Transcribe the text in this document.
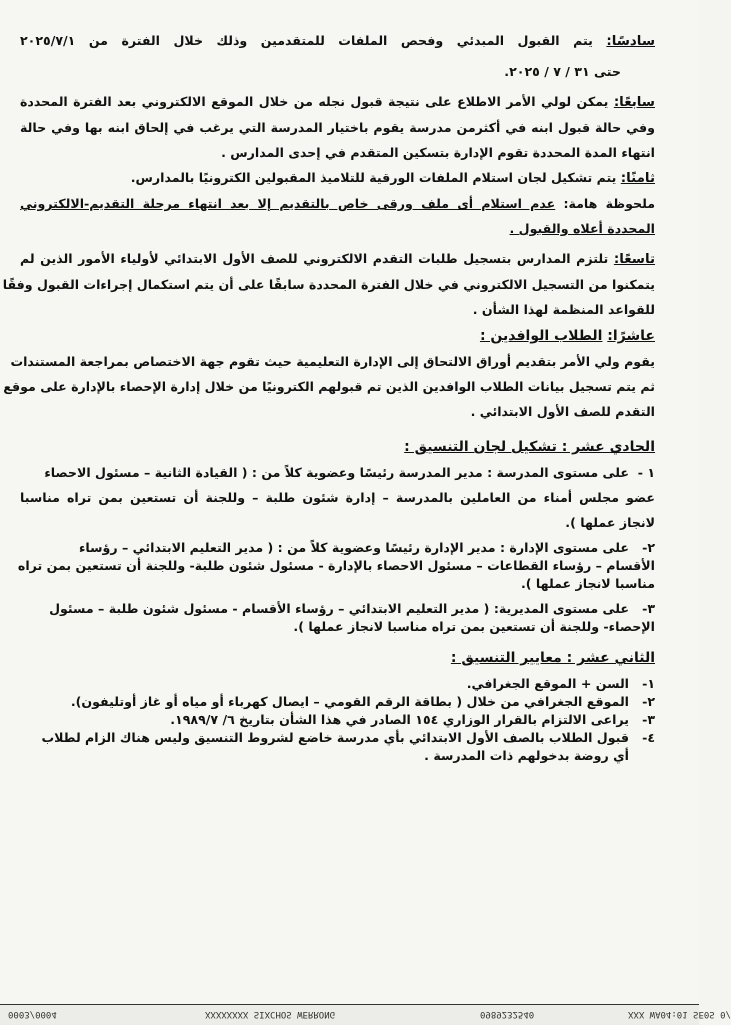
سادسًا: يتم القبول المبدئي وفحص الملفات للمتقدمين وذلك خلال الفترة من ٢٠٢٥/٧/١
حتى ٣١ / ٧ / ٢٠٢٥.
سابعًا: يمكن لولي الأمر الاطلاع على نتيجة قبول نجله من خلال الموقع الالكتروني بعد الفترة المحددة
وفي حالة قبول ابنه في أكثرمن مدرسة يقوم باختيار المدرسة التي يرغب في إلحاق ابنه بها وفي حالة
انتهاء المدة المحددة تقوم الإدارة بتسكين المتقدم في إحدى المدارس .
ثامنًا: يتم تشكيل لجان استلام الملفات الورقية للتلاميذ المقبولين الكترونيًا بالمدارس.
ملحوظة هامة: عدم استلام أى ملف ورقى خاص بالتقديم إلا بعد انتهاء مرحلة التقديم-الالكتروني
المحددة أعلاه والقبول .
تاسعًا: تلتزم المدارس بتسجيل طلبات التقدم الالكتروني للصف الأول الابتدائي لأولياء الأمور الذين لم
يتمكنوا من التسجيل الالكتروني في خلال الفترة المحددة سابقًا على أن يتم استكمال إجراءات القبول وفقًا
للقواعد المنظمة لهذا الشأن .
عاشرًا: الطلاب الوافدين :
يقوم ولي الأمر بتقديم أوراق الالتحاق إلى الإدارة التعليمية حيث تقوم جهة الاختصاص بمراجعة المستندات
ثم يتم تسجيل بيانات الطلاب الوافدين الذين تم قبولهم الكترونيًا من خلال إدارة الإحصاء بالإدارة على موقع
التقدم للصف الأول الابتدائي .
الحادي عشر : تشكيل لجان التنسيق :
١ -على مستوى المدرسة : مدير المدرسة رئيسًا وعضوية كلاً من : ( القيادة الثانية – مسئول الاحصاء
عضو مجلس أمناء من العاملين بالمدرسة – إدارة شئون طلبة – وللجنة أن تستعين بمن تراه مناسبا
لانجاز عملها ).
٢-على مستوى الإدارة : مدير الإدارة رئيسًا وعضوية كلاً من : ( مدير التعليم الابتدائي – رؤساء
الأقسام – رؤساء القطاعات – مسئول الاحصاء بالإدارة - مسئول شئون طلبة- وللجنة أن تستعين بمن تراه
مناسبا لانجاز عملها ).
٣-على مستوى المديرية: ( مدير التعليم الابتدائي – رؤساء الأقسام - مسئول شئون طلبة – مسئول
الإحصاء- وللجنة أن تستعين بمن تراه مناسبا لانجاز عملها ).
الثاني عشر : معايير التنسيق :
١-السن + الموقع الجغرافي.
٢-الموقع الجغرافي من خلال ( بطاقة الرقم القومي – ايصال كهرباء أو مياه أو غاز أوتليفون).
٣-يراعى الالتزام بالقرار الوزاري ١٥٤ الصادر في هذا الشأن بتاريخ ٦/ ١٩٨٩/٧.
٤-قبول الطلاب بالصف الأول الابتدائي بأي مدرسة خاضع لشروط التنسيق وليس هناك الزام لطلاب
أي روضة بدخولهم ذات المدرسة .
0003/0004	XXXXXXXX SIXCHOS WERRONG	0989232540	XXX WA04:01 SE0S 0/
